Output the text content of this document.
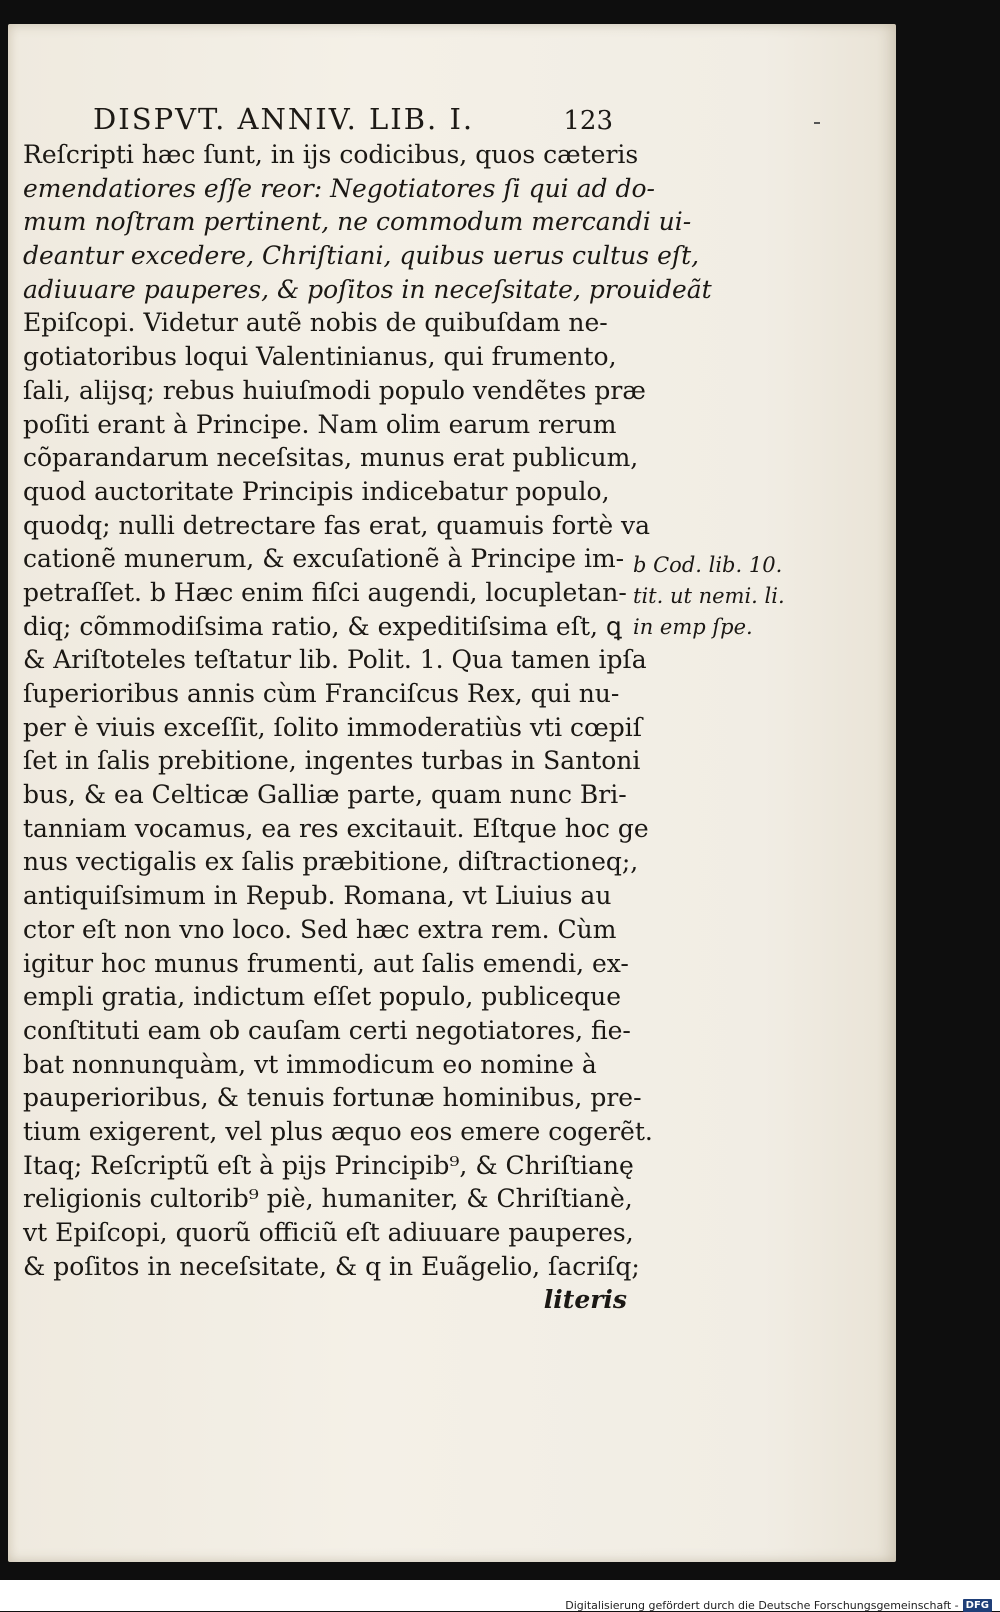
DISPVT. ANNIV. LIB. I.	123
Reſcripti hæc ſunt, in ijs codicibus, quos cæteris
emendatiores eſſe reor: Negotiatores ſi qui ad do-
mum noſtram pertinent, ne commodum mercandi ui-
deantur excedere, Chriſtiani, quibus uerus cultus eſt,
adiuuare pauperes, & poſitos in neceſsitate, prouideãt
Epiſcopi. Videtur autẽ nobis de quibuſdam ne-
gotiatoribus loqui Valentinianus, qui frumento,
ſali, alijsq; rebus huiuſmodi populo vendẽtes præ
poſiti erant à Principe. Nam olim earum rerum
cõparandarum neceſsitas, munus erat publicum,
quod auctoritate Principis indicebatur populo,
quodq; nulli detrectare fas erat, quamuis fortè va
cationẽ munerum, & excuſationẽ à Principe im-
petraſſet. b Hæc enim fiſci augendi, locupletan-
diq; cõmmodiſsima ratio, & expeditiſsima eſt, ꝗ
& Ariſtoteles teſtatur lib. Polit. 1. Qua tamen ipſa
ſuperioribus annis cùm Franciſcus Rex, qui nu-
per è viuis exceſſit, ſolito immoderatiùs vti cœpiſ
ſet in ſalis prebitione, ingentes turbas in Santoni
bus, & ea Celticæ Galliæ parte, quam nunc Bri-
tanniam vocamus, ea res excitauit. Eſtque hoc ge
nus vectigalis ex ſalis præbitione, diſtractioneq;,
antiquiſsimum in Repub. Romana, vt Liuius au
ctor eſt non vno loco. Sed hæc extra rem. Cùm
igitur hoc munus frumenti, aut ſalis emendi, ex-
empli gratia, indictum eſſet populo, publiceque
conſtituti eam ob cauſam certi negotiatores, fie-
bat nonnunquàm, vt immodicum eo nomine à
pauperioribus, & tenuis fortunæ hominibus, pre-
tium exigerent, vel plus æquo eos emere cogerẽt.
Itaq; Reſcriptũ eſt à pijs Principib⁹, & Chriſtianę
religionis cultorib⁹ piè, humaniter, & Chriſtianè,
vt Epiſcopi, quorũ officiũ eſt adiuuare pauperes,
& poſitos in neceſsitate, & q in Euãgelio, ſacriſq;
literis
b Cod. lib. 10.
tit. ut nemi. li.
in emp ſpe.
Digitalisierung gefördert durch die Deutsche Forschungsgemeinschaft - DFG
